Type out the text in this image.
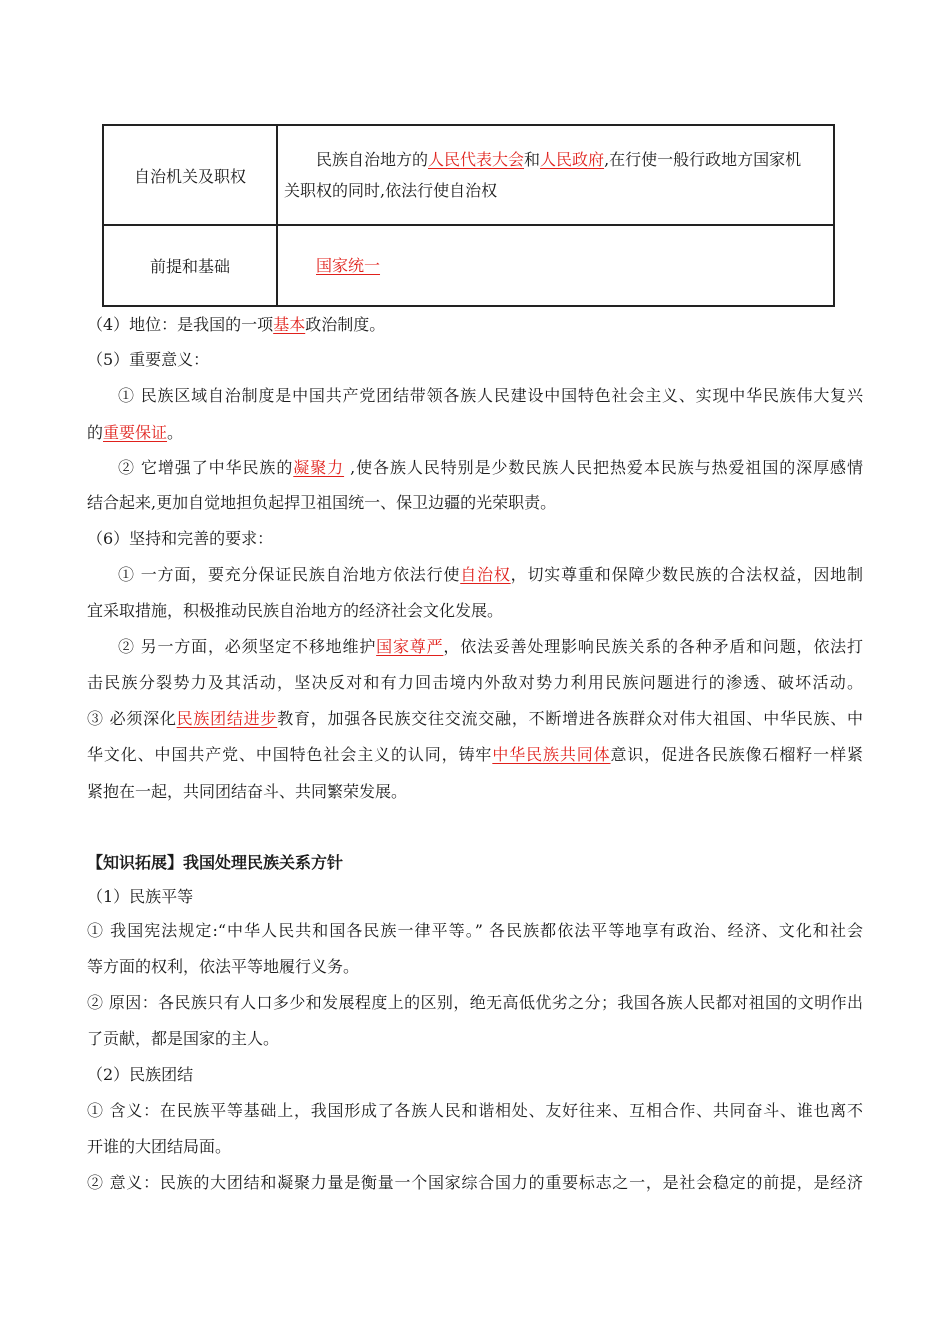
自治机关及职权	民族自治地方的人民代表大会和人民政府,在行使一般行政地方国家机
关职权的同时,依法行使自治权
前提和基础	国家统一
（4）地位：是我国的一项基本政治制度。
（5）重要意义：
① 民族区域自治制度是中国共产党团结带领各族人民建设中国特色社会主义、实现中华民族伟大复兴
的重要保证。
② 它增强了中华民族的凝聚力 ,使各族人民特别是少数民族人民把热爱本民族与热爱祖国的深厚感情
结合起来,更加自觉地担负起捍卫祖国统一、保卫边疆的光荣职责。
（6）坚持和完善的要求：
① 一方面，要充分保证民族自治地方依法行使自治权，切实尊重和保障少数民族的合法权益，因地制
宜采取措施，积极推动民族自治地方的经济社会文化发展。
② 另一方面，必须坚定不移地维护国家尊严，依法妥善处理影响民族关系的各种矛盾和问题，依法打
击民族分裂势力及其活动，坚决反对和有力回击境内外敌对势力利用民族问题进行的渗透、破坏活动。
③ 必须深化民族团结进步教育，加强各民族交往交流交融，不断增进各族群众对伟大祖国、中华民族、中
华文化、中国共产党、中国特色社会主义的认同，铸牢中华民族共同体意识，促进各民族像石榴籽一样紧
紧抱在一起，共同团结奋斗、共同繁荣发展。
【知识拓展】我国处理民族关系方针
（1）民族平等
① 我国宪法规定:“中华人民共和国各民族一律平等。” 各民族都依法平等地享有政治、经济、文化和社会
等方面的权利，依法平等地履行义务。
② 原因：各民族只有人口多少和发展程度上的区别，绝无高低优劣之分；我国各族人民都对祖国的文明作出
了贡献，都是国家的主人。
（2）民族团结
① 含义：在民族平等基础上，我国形成了各族人民和谐相处、友好往来、互相合作、共同奋斗、谁也离不
开谁的大团结局面。
② 意义：民族的大团结和凝聚力量是衡量一个国家综合国力的重要标志之一，是社会稳定的前提，是经济
